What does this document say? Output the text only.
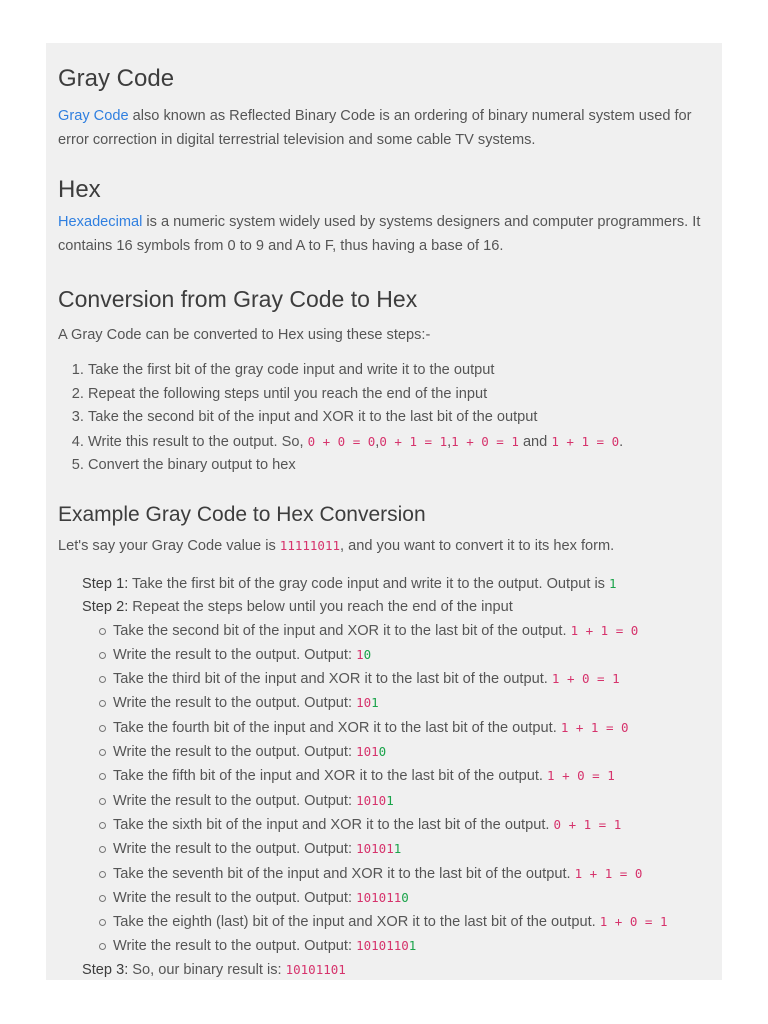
Gray Code

Gray Code also known as Reflected Binary Code is an ordering of binary numeral system used for error correction in digital terrestrial television and some cable TV systems.

Hex

Hexadecimal is a numeric system widely used by systems designers and computer programmers. It contains 16 symbols from 0 to 9 and A to F, thus having a base of 16.

Conversion from Gray Code to Hex

A Gray Code can be converted to Hex using these steps:-

1. Take the first bit of the gray code input and write it to the output
2. Repeat the following steps until you reach the end of the input
3. Take the second bit of the input and XOR it to the last bit of the output
4. Write this result to the output. So, 0 + 0 = 0,0 + 1 = 1,1 + 0 = 1 and 1 + 1 = 0.
5. Convert the binary output to hex
Example Gray Code to Hex Conversion

Let's say your Gray Code value is 11111011, and you want to convert it to its hex form.

Step 1: Take the first bit of the gray code input and write it to the output. Output is 1
Step 2: Repeat the steps below until you reach the end of the input
Take the second bit of the input and XOR it to the last bit of the output. 1 + 1 = 0
Write the result to the output. Output: 10
Take the third bit of the input and XOR it to the last bit of the output. 1 + 0 = 1
Write the result to the output. Output: 101
Take the fourth bit of the input and XOR it to the last bit of the output. 1 + 1 = 0
Write the result to the output. Output: 1010
Take the fifth bit of the input and XOR it to the last bit of the output. 1 + 0 = 1
Write the result to the output. Output: 10101
Take the sixth bit of the input and XOR it to the last bit of the output. 0 + 1 = 1
Write the result to the output. Output: 101011
Take the seventh bit of the input and XOR it to the last bit of the output. 1 + 1 = 0
Write the result to the output. Output: 1010110
Take the eighth (last) bit of the input and XOR it to the last bit of the output. 1 + 0 = 1
Write the result to the output. Output: 10101101
Step 3: So, our binary result is: 10101101
